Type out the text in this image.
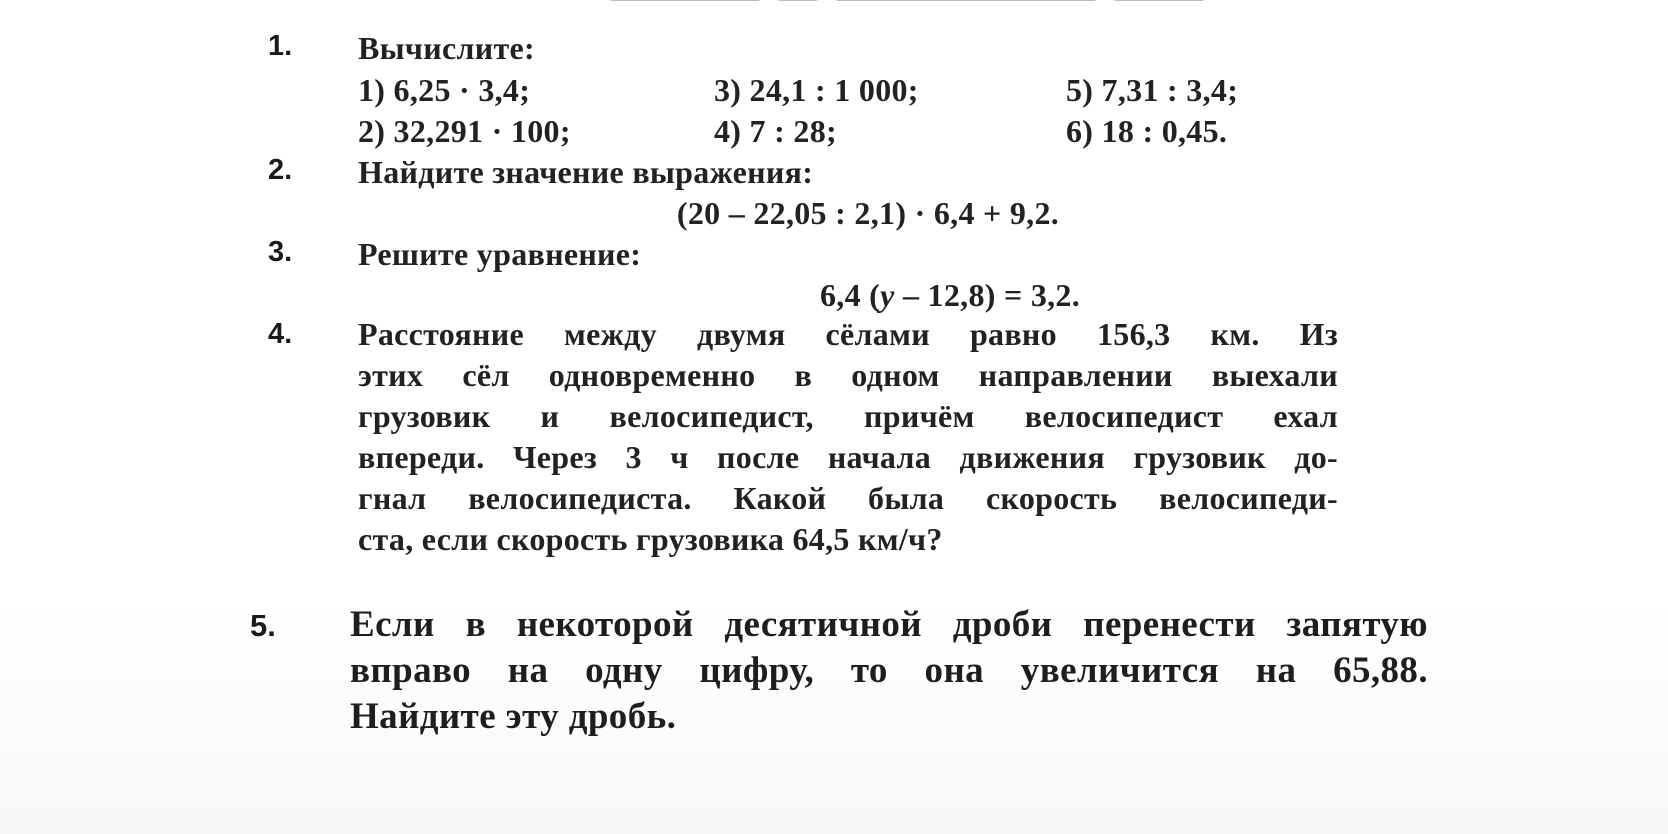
1. Вычислите:
1) 6,25 · 3,4;	3) 24,1 : 1 000;	5) 7,31 : 3,4;
2) 32,291 · 100;	4) 7 : 28;	6) 18 : 0,45.
2. Найдите значение выражения:
(20 – 22,05 : 2,1) · 6,4 + 9,2.
3. Решите уравнение:
6,4 (y – 12,8) = 3,2.
4. Расстояние между двумя сёлами равно 156,3 км. Из
этих сёл одновременно в одном направлении выехали
грузовик и велосипедист, причём велосипедист ехал
впереди. Через 3 ч после начала движения грузовик до-
гнал велосипедиста. Какой была скорость велосипеди-
ста, если скорость грузовика 64,5 км/ч?
5. Если в некоторой десятичной дроби перенести запятую
вправо на одну цифру, то она увеличится на 65,88.
Найдите эту дробь.
